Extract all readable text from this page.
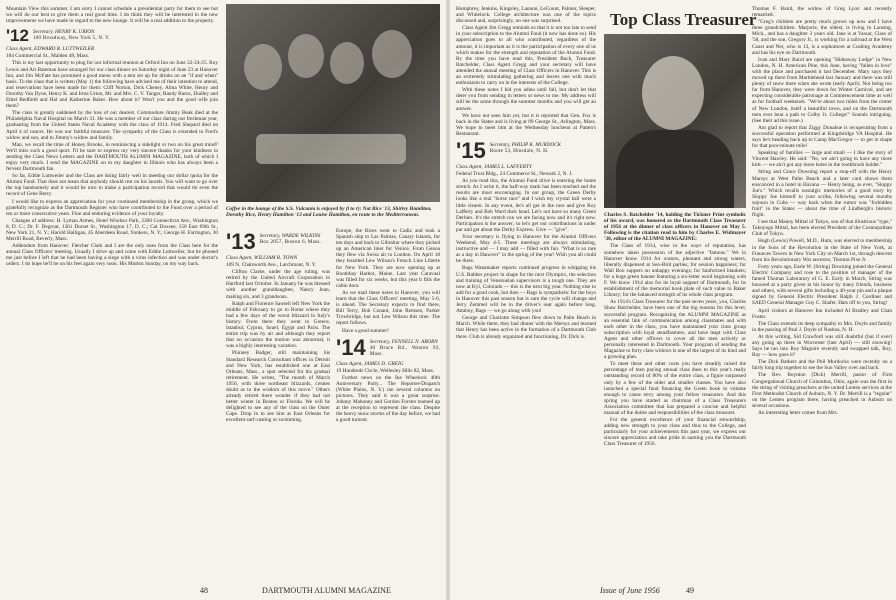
Mountain View this summer. I am sorry I cannot schedule a presidential party for them to see but we will do our best to give them a real good time. I do think they will be interested in the new improvements we have made in regard to the new lounge. It will be a real addition to the property.

'12 Secretary, HENRY K. URION
100 Broadway, New York 5, N. Y.

Class Agent, EDWARD R. LUTTWEILER

184 Commercial St., Malden 48, Mass.

This is my last opportunity to plug for our informal reunion at Orford Inn on June 22-24-25. Roy Lewis and Art Bateman have arranged for our class dinner on Saturday night of June 23 at Hanover Inn, and Jim McFate has promised a good menu with a tent set up for drinks on an "if and when" basis. To the class that is written (May 1) the following have advised me of their intention to attend, and reservations have been made for them: Cliff Norton, Dick Cheney, Alma White, Henry and Dorothy Van Dyne, Henry K. and Irma Urion, Mr. and Mrs. C. V. Tanger, Randy Burns, Dudley and Ethel Redfield and Hal and Katherine Baker. How about it? Won't you and the good wife join them?

The class is greatly saddened by the loss of our dearest. Commodore Jimmy Beak died at the Philadelphia Naval Hospital on March 31. He was a member of our class during our freshman year, graduating from the United States Naval Academy with the class of 1914. Fred Shepard died on April 4 of cancer. He was our faithful treasurer. The sympathy of the Class is extended to Fred's widow and son, and to Jimmy's widow and family.

Man, we recall the time of Honey Brooks, in reminiscing a sidelight or two on his great mind? We'll miss such a good sport. I'll be sure to express my very sincere thanks for your kindness in sending the Class News Letters and the DARTMOUTH ALUMNI MAGAZINE, both of which I enjoy very much. I send the MAGAZINE on to my daughter in Illinois who has always been a fervent Dartmouth fan.

So far, Eddie Luttweiler and the Class are doing fairly well in meeting our dollar quota for the Alumni Fund. That does not mean that anybody should rest on his laurels. You will want to go over the top handsomely and it would be nice to make a participation record that would tie even the record of Gene Berry.

I would like to express an appreciation for your continued membership in the group, which we gratefully recognize as the Dartmouth Register who have contributed to the Fund over a period of ten or more consecutive years. Fine and enduring evidence of your loyalty.

Changes of address: H. Lyman Armes, Hotel Windsor Park, 2300 Connecticut Ave., Washington 8, D. C.; Dr. F. Degroat, 1361 Dorset St., Washington 17, D. C.; Cal Doxsee, 150 East 69th St., New York 21, N. Y.; Harold Halligan, 45 Aberdeen Road, Yonkers, N. Y.; George H. Farrington, 30 Merrill Road, Beverly, Mass.

Addendum from Hanover: Fletcher Clark and I are the only ones from the Class here for the annual Class Officers' meeting. Usually I drive up and come with Eddie Luttweiler, but he phoned me just before I left that he had been having a siege with a virus infection and was under doctor's orders. I do hope he'll be on his feet again very soon. His Mutton Sunday, on my way back.

Coffee in the lounge of the S.S. Vulcania is enjoyed by (l to r): Nat Rice '13, Shirley Hamilton, Dorothy Rice, Henry Hamilton '13 and Louise Hamilton, en route to the Mediterranean.
'13 Secretary, WARDE WILKINS
Box 2057, Boston 6, Mass.

Class Agent, WILLIAM R. TOWN

109 N. Chatsworth Ave., Larchmont, N. Y.

Clifton Clarke, under the age ruling, was retired by the United Aircraft Corporation in Hartford last October. In January he was blessed with another granddaughter, Nancy Jean, making six, and 3 grandsons.

Ralph and Florence Sawtell left New York the middle of February to go to Rome where they had a few days of the worst blizzard in Italy's history. From there they went to Greece, Istanbul, Cyprus, Israel, Egypt and Paris. The entire trip was by air and although they report that on occasion the motion was abnormal, it was a highly interesting vacation.

Phinney Badger, still maintaining his Standard Research Consultant offices in Detroit and New York, has established one at East Orleans, Mass., a spot selected for his gradual retirement. He writes, "The month of March 1956, with three northeast blizzards, creates doubt as to the wisdom of this move." Others already retired there wonder if they had not better winter in Boston or Florida. We will be delighted to see any of the class on the Outer Cape. Drop in to see him at East Orleans for excellent surf-casting or swimming.

Europe, the Rices went to Cadiz and took a Spanish ship to Las Palmas, Canary Islands, for ten days and back to Gibraltar where they picked up an American liner for Venice. From Genoa they flew via Swiss air to London. On April 18 they boarded Lew Wilson's French Line Liberte for New York. They are now opening up at Boothbay Harbor, Maine. Last year Caravaal was filled for six weeks, but this year it fills the cabin door.

As we mail these notes to Hanover, you will learn that the Class Officers' meeting, May 5-6, is ahead. The Secretary expects to find there, Bill Terry, Bob Conant, John Remsen, Parker Trowbridge, but not Lew Wilson this time. The report follows.

Have a good summer!

'14 Secretary, FENNELL N. ABORN
40 Bruce Rd., Weston 93, Mass.

Class Agent, JAMES D. GREIG

19 Hundreds Circle, Wellesley Hills 82, Mass.

Further news on the Ike Wheelock 40th Anniversary Party... The Reporter-Dispatch (White Plains, N. Y.) ran several columns on pictures. They said it was a great surprise. Johnny Mahoney and Gordon Forster teamed up at the reception to represent the class. Despite the heavy snow storms of the day before, we had a good turnout.

48	DARTMOUTH ALUMNI MAGAZINE

Humphrey, Jenkins, Kingsley, Lannon, LeCount, Palmer, Sleeper, and Whitelock. College architecture was one of the topics discussed and, surprisingly, no one was surprised.

Class Agent Jim Gregg reminds us that it is not too late to send in your subscription to the Alumni Fund (it now has done so). His appreciation goes to all who contributed, regardless of the amount, it is important as it is the participation of every one of us which makes for the strength and reputation of the Alumni Fund. By the time you have read this, President Buck, Treasurer Batchelder, Class Agent Gregg and your secretary will have attended the annual meeting of Class Officers in Hanover. This is an extremely stimulating gathering and leaves one with much enthusiasm to carry on in the interests of the College.

With these notes I bid you adieu until fall, but don't let that deter you from sending in letters or news to me. My address will still be the same through the summer months and you will get an answer.

We have not seen him yet, but it is reported that Gen. Fox is back in the States and is living at 89 George St., Arlington, Mass. We hope to meet him at the Wednesday luncheon at Patten's Restaurant.

'15 Secretary, PHILIP K. MURDOCK
Route 53, Hinsdale, N. H.

Class Agent, JAMES L. LAFFERTY

Federal Trust Bldg., 24 Commerce St., Newark 2, N. J.

As you read this, the Alumni Fund drive is entering the home stretch. As I write it, the half-way mark has been reached and the results are most encouraging. In our group, the Green Derby looks like a real "horse race" and I wish my crystal ball were a little clearer. In any event, let's all get in the race and give Roy Lafferty and Bob Ward their head. Let's not have so many Green Derbies. It's the stretch run we are facing now and it's right now. Participation is the answer, so let's get our contributions in under par and get about the Derby Express. Give — "give".

Your secretary is flying to Hanover for the Alumni Officers Weekend, May 4-5. These meetings are always stimulating, instructive and — I may add — filled with fun. "What is so rare as a day in Hanover" in the spring of the year! Wish you all could be there.

Bags Wanamaker reports continued progress in whipping his U.S. Rubber project in shape for the next Olympics, the selection and training of Venezuelan supervisors is a tough one. They are now at Kyl, Colorado — this is the next big year. Nothing else to add for a good cook, but then — Bags is sympathetic for the boys in Hanover this past season but is sure the cycle will change and Jerry Zemmel will be in the driver's seat again before long. Attaboy, Bags — we go along with you!

George and Charlotte Simpson flew down to Palm Beach in March. While there, they had dinner with the Mersys and learned that Henry has been active in the formation of a Dartmouth Club there. Club is already organized and functioning, Dr. Dick is.

Top Class Treasurer

Charles S. Batchelder '14, holding the Tickner Print symbolic of his award, was honored as the Dartmouth Class Treasurer of 1956 at the dinner of class officers in Hanover on May 5. Following is the citation read to him by Charles E. Widmayer '30, editor of the ALUMNI MAGAZINE:

The Class of 1914, wise in the ways of reputation, has somehow taken possession of the adjective "famous." We in Hanover know 1914 for orators, pleasant and strong waters, liberally dispensed at Soo-Bird parties; for session happiness; for Wall Boo suppers on unhappy evenings; for Sanforized blankets; for a huge green banner featuring a six-letter word beginning with F. We know 1914 also for its loyal support of Dartmouth, for its establishment of the memorial book plate of such value to Baker Library; for the balanced strength of its whole class program.

As 1914's Class Treasurer for the past seven years, you, Charles Shaw Batchelder, have been one of the big reasons for this level, successful program. Recognizing the ALUMNI MAGAZINE as an essential link of communication among classmates and with each other in the class, you have maintained your class group subscription with loyal steadfastness, and have leapt with Class Agent and other officers to cover all the men actively or personally interested in Dartmouth. Your program of sending the Magazine to forty class widows is one of the largest of its kind and a growing plan.

To meet these and other costs you have steadily raised the percentage of men paying annual class dues to this year's really outstanding record of 80% of the entire class, a figure surpassed only by a few of the older and smaller classes. You have also launched a special fund financing the Green book in volume enough to cause envy among your fellow treasurers. And this spring you have started as chairman of a Class Treasurers Association committee that has prepared a concise and helpful manual of the duties and responsibilities of the class treasurer.

For the general excellence of your financial stewardship, adding new strength to your class and thus to the College, and particularly for your achievements this past year, we express our sincere appreciation and take pride in naming you the Dartmouth Class Treasurer of 1956.

Thomas F. Baird, the widow of Greg Lyon and recently remarried.

"Greg's children are pretty much grown up now and I have three grandchildren. Marjorie, the oldest, is living in Lansing, Mich., and has a daughter 3 years old. Jane is at Vassar, Class of '58, and the son, Gregory Jr., is working for a railroad at the West Coast and Net, who is 13, is a sophomore at Cushing Academy and has his eye on Dartmouth.

Ivan and Mary Baird are opening "Hideaway Lodge" in New London, N. H. American Pine, this June, having "fallen in love" with the place and purchased it last December. Mary says they moved up there from Marblehead last January and there was still plenty of snow there when she wrote (early April). Not being too far from Hanover, they were down for Winter Carnival, and are expecting considerable patronage at Commencement time as well as for football weekends. "We're about two miles from the center of New London, itself a beautiful town, and on the Dartmouth men ever beat a path to Colby Jr. College!" Sounds intriguing. (See their ad this issue.)

Am glad to report that Ziggy Donahue is recuperating from a successful operation performed at Kingsbridge VA Hospital. He says he's heading back up to Camp MacGregor — to get in shape for that poor-minute mile!

Speaking of families — large and small — I like the story of Vincent Hawley. He said: "No, we ain't going to have any more kids — we ain't got any more holes in the toothbrush holder."

String and Grace Downing report a stop-off with the Henry Marsys at West Palm Beach and a later card shows them ensconced in a hotel in Havana — Henry being, as ever, "Sloppy Joe's." Which recalls nostalgic memories of a good story by Sloppy Joe himself to your scribe, following several months sojourn in Cuba — way back when the rumor was "forbidden fruit" in the States — about the time of Lindbergh's historic flight.

I see that Manny Mittal of Tokyo, son of that illustrious "type," Tokuyogo Mittal, has been elected President of the Cosmopolitan Club of Tokyo.

Hugh (Lewis) Powell, M.D., Hum, was elected to membership in the Sons of the Revolution in the State of New York, at Fraunces Tavern in New York City on March 1st, through descent from his Revolutionary War ancestor, Thomas Pixe Jr.

Forty years ago, Earle W. (String) Downing joined the General Electric Company and rose to the position of manager of the famed Thomas Laboratory of G. E. Early in March, String was honored at a party given in his honor by many friends, business and others, with several gifts including a 40-year pin and a plaque signed by General Electric President Ralph J. Cordiner and SAED General Manager Guy C. Shafer. Hats off to you, String!

April visitors at Hanover Inn included Al Bradley and Chan Foster.

The Class extends its deep sympathy to Mrs. Doyle and family in the passing of Paul J. Doyle of Nashua, N. H.

At this writing, Sid Crawford was still doubtful (but if ever) any going up there in Worcester (late April) — still snowing! Says he ran into Roy Maguire recently and swapped talk, Roy, Ray — how goes it?

The Dick Bathers and the Phil Murdocks were recently on a fairly long trip together to see the Sun Valley over and back.

The Rev. Boynton (Dick) Merrill, pastor of First Congregational Church of Columbus, Ohio, again was the first in the string of visiting preachers at the united Lenten services at the First Methodist Church of Auburn, N. Y. Dr. Merrill is a "regular" on the Lenten program there, having preached in Auburn on several occasions.

An interesting letter comes from Mrs.

Issue of June 1956	49
